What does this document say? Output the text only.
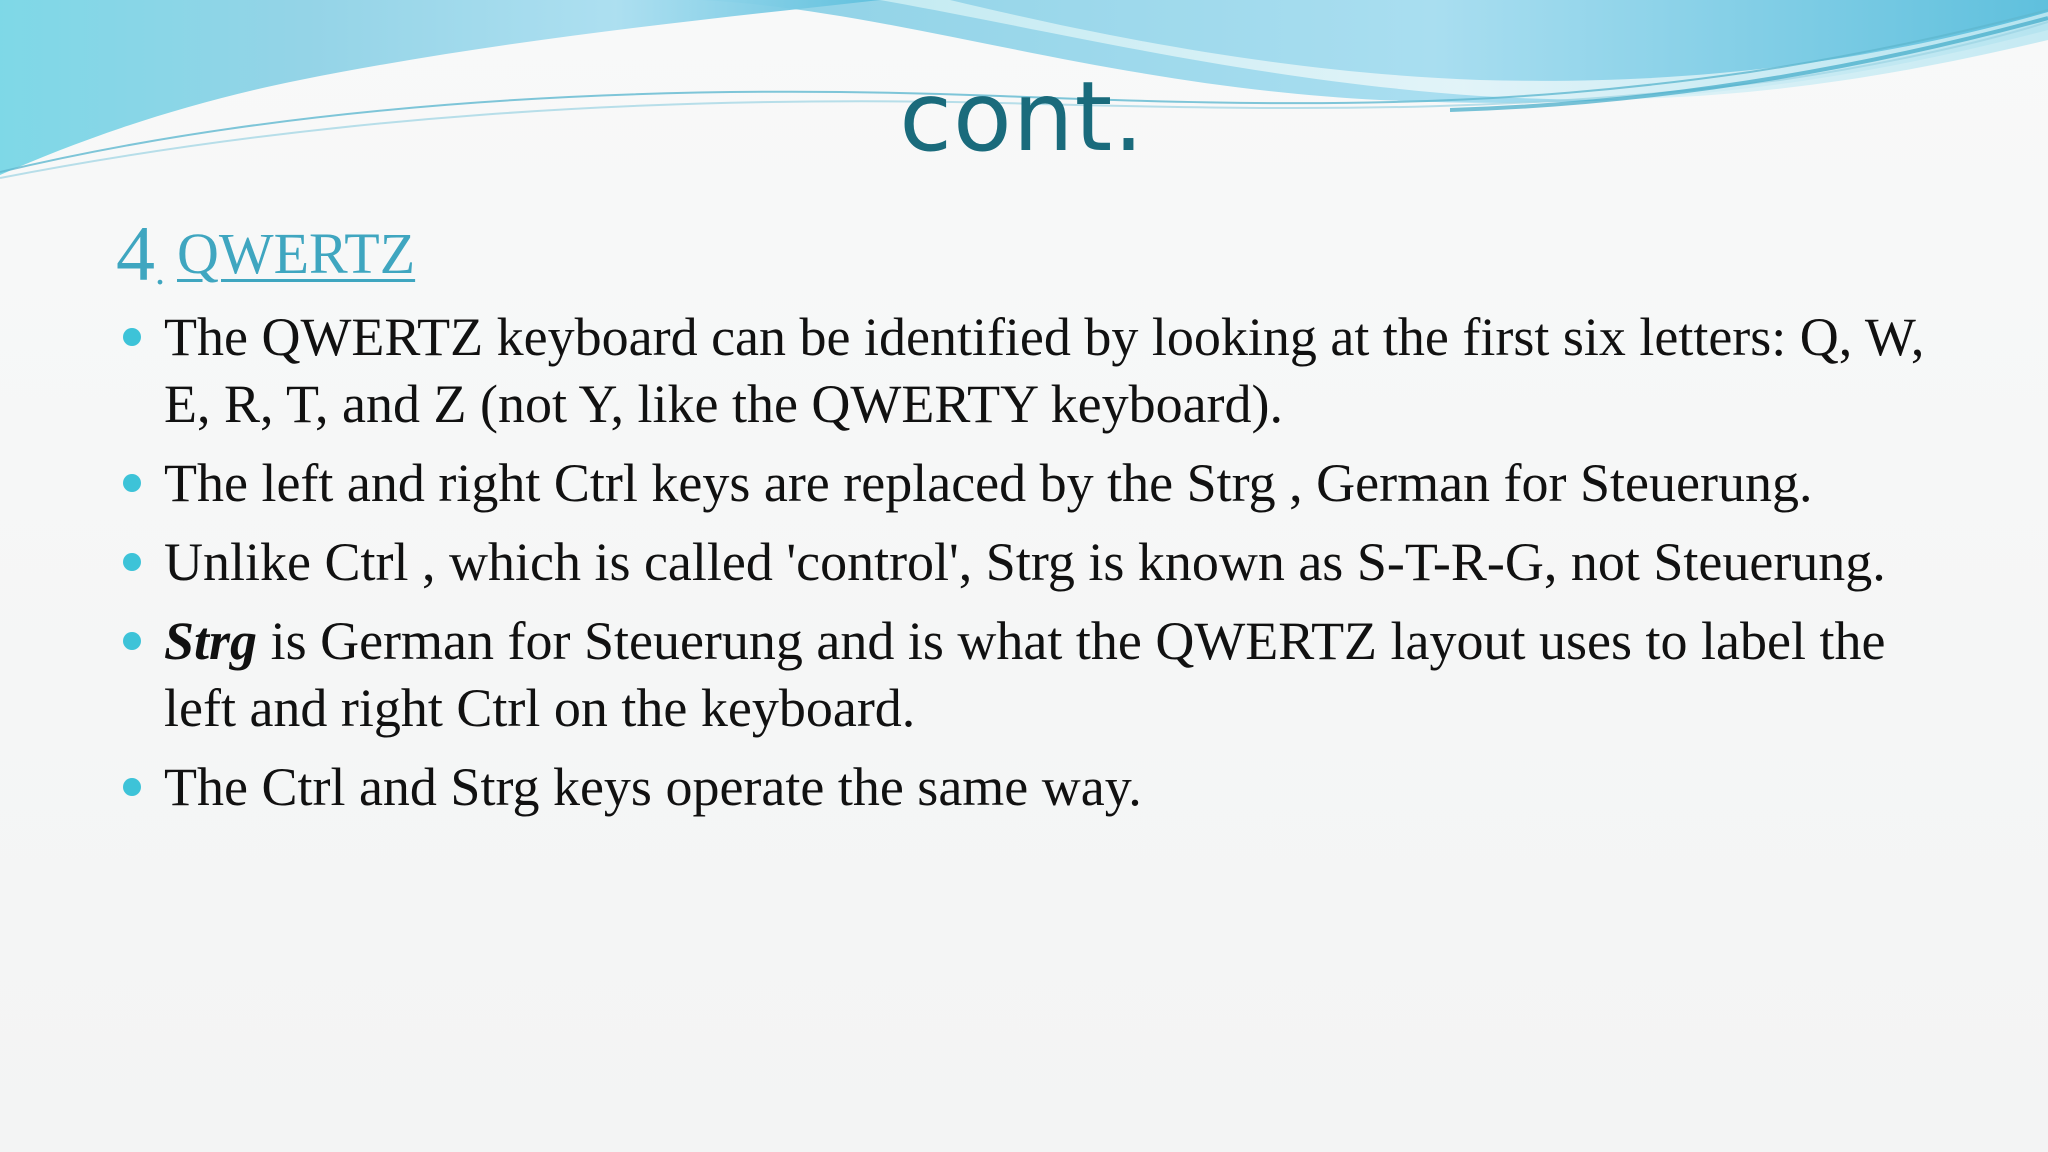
cont.
4. QWERTZ
The QWERTZ keyboard can be identified by looking at the first six letters: Q, W, E, R, T, and Z (not Y, like the QWERTY keyboard).
The left and right Ctrl keys are replaced by the Strg , German for Steuerung.
Unlike Ctrl , which is called 'control', Strg is known as S-T-R-G, not Steuerung.
Strg is German for Steuerung and is what the QWERTZ layout uses to label the left and right Ctrl on the keyboard.
The Ctrl and Strg keys operate the same way.
